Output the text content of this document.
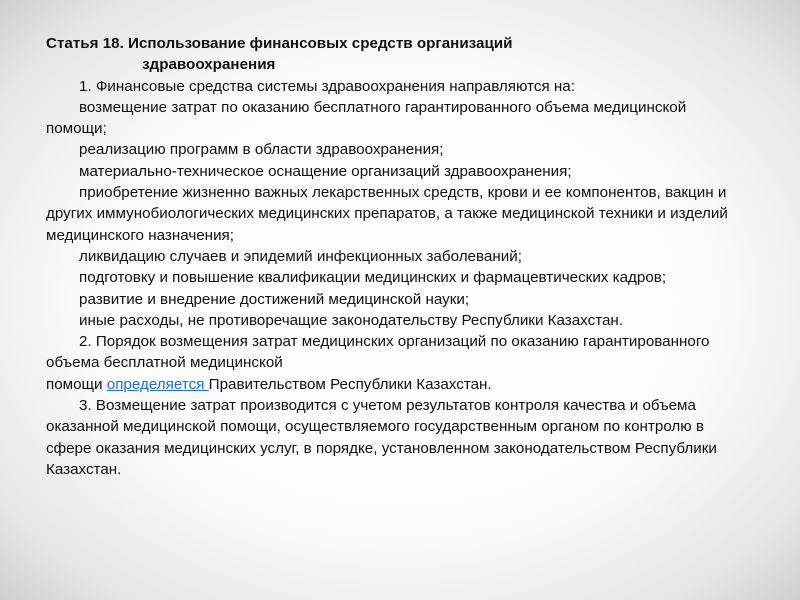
Статья 18. Использование финансовых средств организаций
здравоохранения
1. Финансовые средства системы здравоохранения направляются на:
возмещение затрат по оказанию бесплатного гарантированного объема медицинской помощи;
реализацию программ в области здравоохранения;
материально-техническое оснащение организаций здравоохранения;
приобретение жизненно важных лекарственных средств, крови и ее компонентов, вакцин и других иммунобиологических медицинских препаратов, а также медицинской техники и изделий медицинского назначения;
ликвидацию случаев и эпидемий инфекционных заболеваний;
подготовку и повышение квалификации медицинских и фармацевтических кадров;
развитие и внедрение достижений медицинской науки;
иные расходы, не противоречащие законодательству Республики Казахстан.
2. Порядок возмещения затрат медицинских организаций по оказанию гарантированного объема бесплатной медицинской
помощи определяется Правительством Республики Казахстан.
3. Возмещение затрат производится с учетом результатов контроля качества и объема оказанной медицинской помощи, осуществляемого государственным органом по контролю в сфере оказания медицинских услуг, в порядке, установленном законодательством Республики Казахстан.
